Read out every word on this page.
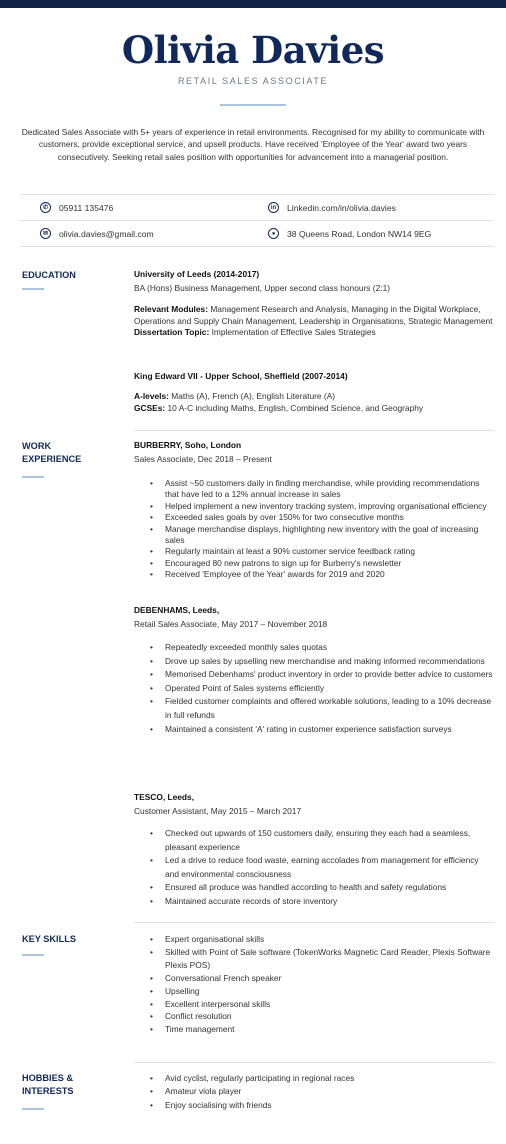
Olivia Davies
RETAIL SALES ASSOCIATE
Dedicated Sales Associate with 5+ years of experience in retail environments. Recognised for my ability to communicate with customers, provide exceptional service, and upsell products. Have received 'Employee of the Year' award two years consecutively. Seeking retail sales position with opportunities for advancement into a managerial position.
✆	05911 135476	in	Linkedin.com/in/olivia.davies
✉	olivia.davies@gmail.com	●	38 Queens Road, London NW14 9EG
EDUCATION	University of Leeds (2014-2017)
BA (Hons) Business Management, Upper second class honours (2:1)
Relevant Modules: Management Research and Analysis, Managing in the Digital Workplace, Operations and Supply Chain Management, Leadership in Organisations, Strategic Management
Dissertation Topic: Implementation of Effective Sales Strategies
King Edward VII - Upper School, Sheffield (2007-2014)
A-levels: Maths (A), French (A), English Literature (A)
GCSEs: 10 A-C including Maths, English, Combined Science, and Geography
WORK
EXPERIENCE
BURBERRY, Soho, London
Sales Associate, Dec 2018 – Present
• Assist ~50 customers daily in finding merchandise, while providing recommendations that have led to a 12% annual increase in sales
• Helped implement a new inventory tracking system, improving organisational efficiency
• Exceeded sales goals by over 150% for two consecutive months
• Manage merchandise displays, highlighting new inventory with the goal of increasing sales
• Regularly maintain at least a 90% customer service feedback rating
• Encouraged 80 new patrons to sign up for Burberry's newsletter
• Received 'Employee of the Year' awards for 2019 and 2020
DEBENHAMS, Leeds,
Retail Sales Associate, May 2017 – November 2018
• Repeatedly exceeded monthly sales quotas
• Drove up sales by upselling new merchandise and making informed recommendations
• Memorised Debenhams' product inventory in order to provide better advice to customers
• Operated Point of Sales systems efficiently
• Fielded customer complaints and offered workable solutions, leading to a 10% decrease in full refunds
• Maintained a consistent 'A' rating in customer experience satisfaction surveys
TESCO, Leeds,
Customer Assistant, May 2015 – March 2017
• Checked out upwards of 150 customers daily, ensuring they each had a seamless, pleasant experience
• Led a drive to reduce food waste, earning accolades from management for efficiency and environmental consciousness
• Ensured all produce was handled according to health and safety regulations
• Maintained accurate records of store inventory
KEY SKILLS
•	Expert organisational skills
• Skilled with Point of Sale software (TokenWorks Magnetic Card Reader, Plexis Software Plexis POS)
• Conversational French speaker
• Upselling
• Excellent interpersonal skills
• Conflict resolution
• Time management
HOBBIES &
INTERESTS
• Avid cyclist, regularly participating in regional races
• Amateur viola player
• Enjoy socialising with friends
